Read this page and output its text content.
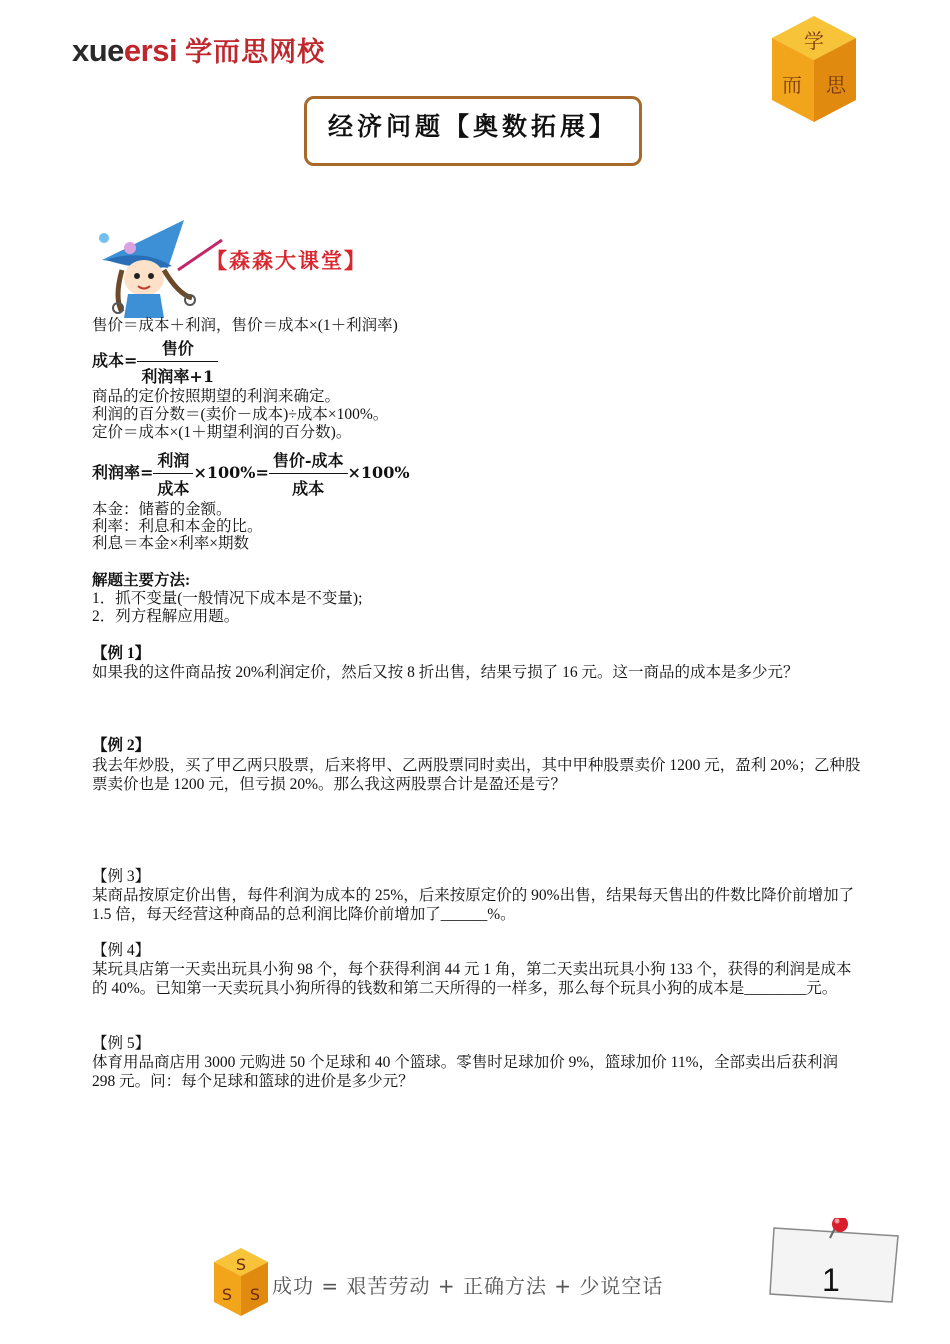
xueersi 学而思网校	学
而 思
经济问题【奥数拓展】
【森森大课堂】
售价＝成本＋利润，售价＝成本×(1＋利润率)
成本= $\frac{\text{售价}}{\text{利润率+1}}$
商品的定价按照期望的利润来确定。
利润的百分数＝(卖价－成本)÷成本×100%。
定价＝成本×(1＋期望利润的百分数)。
利润率= $\frac{\text{利润}}{\text{成本}} \times 100\%= \frac{\text{售价-成本}}{\text{成本}} \times 100\%$
本金：储蓄的金额。
利率：利息和本金的比。
利息＝本金×利率×期数
解题主要方法:
1．抓不变量(一般情况下成本是不变量);
2．列方程解应用题。
【例 1】
如果我的这件商品按 20%利润定价，然后又按 8 折出售，结果亏损了 16 元。这一商品的成本是多少元？
【例 2】
我去年炒股，买了甲乙两只股票，后来将甲、乙两股票同时卖出，其中甲种股票卖价 1200 元，盈利 20%；乙种股票卖价也是 1200 元，但亏损 20%。那么我这两股票合计是盈还是亏？
【例 3】
某商品按原定价出售，每件利润为成本的 25%，后来按原定价的 90%出售，结果每天售出的件数比降价前增加了 1.5 倍，每天经营这种商品的总利润比降价前增加了______%。
【例 4】
某玩具店第一天卖出玩具小狗 98 个，每个获得利润 44 元 1 角，第二天卖出玩具小狗 133 个，获得的利润是成本的 40%。已知第一天卖玩具小狗所得的钱数和第二天所得的一样多，那么每个玩具小狗的成本是________元。
【例 5】
体育用品商店用 3000 元购进 50 个足球和 40 个篮球。零售时足球加价 9%，篮球加价 11%，全部卖出后获利润 298 元。问：每个足球和篮球的进价是多少元？
S
S S 成功 = 艰苦劳动 + 正确方法 + 少说空话	1
